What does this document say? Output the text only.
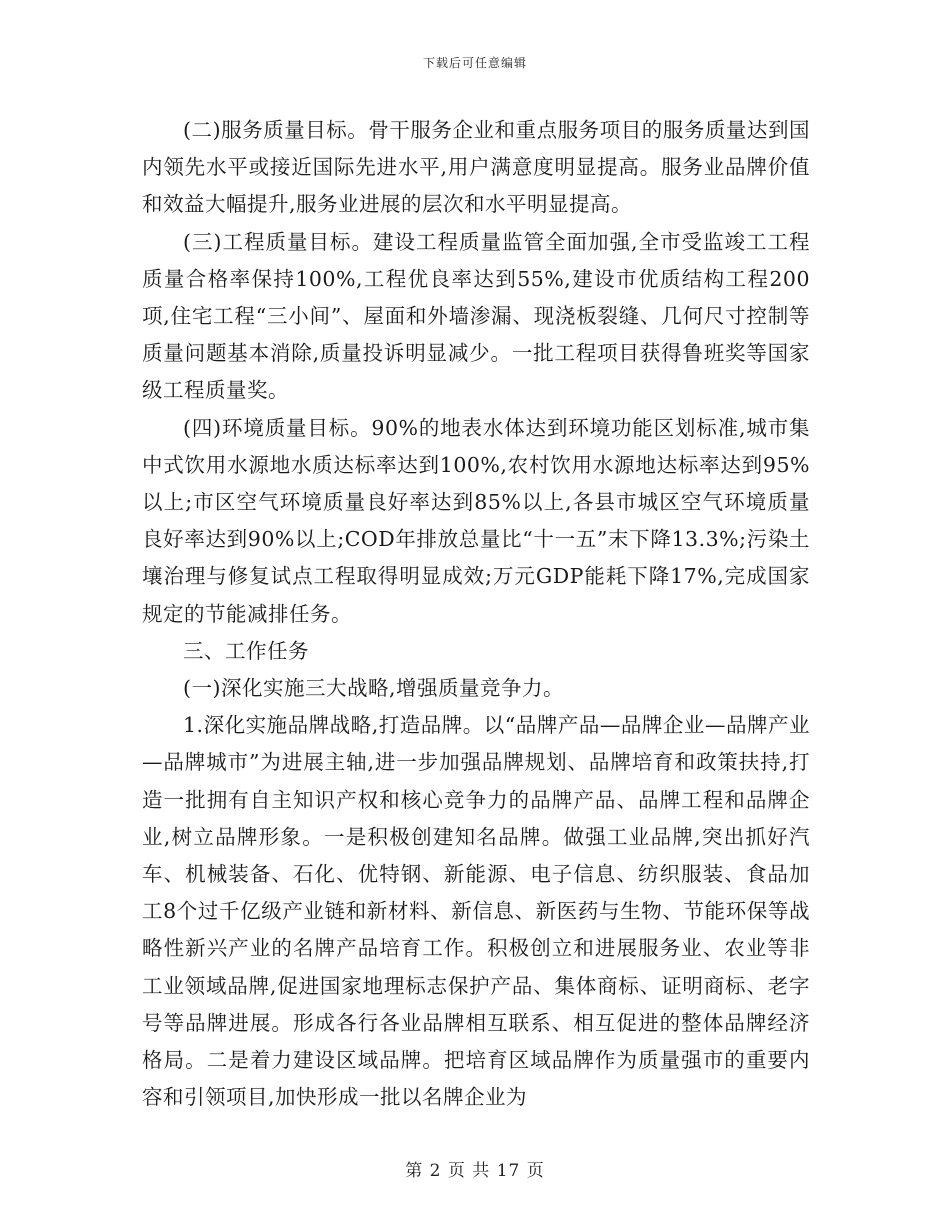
下载后可任意编辑

(二)服务质量目标。骨干服务企业和重点服务项目的服务质量达到国内领先水平或接近国际先进水平,用户满意度明显提高。服务业品牌价值和效益大幅提升,服务业进展的层次和水平明显提高。

(三)工程质量目标。建设工程质量监管全面加强,全市受监竣工工程质量合格率保持100%,工程优良率达到55%,建设市优质结构工程200项,住宅工程“三小间”、屋面和外墙渗漏、现浇板裂缝、几何尺寸控制等质量问题基本消除,质量投诉明显减少。一批工程项目获得鲁班奖等国家级工程质量奖。

(四)环境质量目标。90%的地表水体达到环境功能区划标准,城市集中式饮用水源地水质达标率达到100%,农村饮用水源地达标率达到95%以上;市区空气环境质量良好率达到85%以上,各县市城区空气环境质量良好率达到90%以上;COD年排放总量比“十一五”末下降13.3%;污染土壤治理与修复试点工程取得明显成效;万元GDP能耗下降17%,完成国家规定的节能减排任务。

三、工作任务

(一)深化实施三大战略,增强质量竞争力。

1.深化实施品牌战略,打造品牌。以“品牌产品—品牌企业—品牌产业—品牌城市”为进展主轴,进一步加强品牌规划、品牌培育和政策扶持,打造一批拥有自主知识产权和核心竞争力的品牌产品、品牌工程和品牌企业,树立品牌形象。一是积极创建知名品牌。做强工业品牌,突出抓好汽车、机械装备、石化、优特钢、新能源、电子信息、纺织服装、食品加工8个过千亿级产业链和新材料、新信息、新医药与生物、节能环保等战略性新兴产业的名牌产品培育工作。积极创立和进展服务业、农业等非工业领域品牌,促进国家地理标志保护产品、集体商标、证明商标、老字号等品牌进展。形成各行各业品牌相互联系、相互促进的整体品牌经济格局。二是着力建设区域品牌。把培育区域品牌作为质量强市的重要内容和引领项目,加快形成一批以名牌企业为

第 2 页 共 17 页
